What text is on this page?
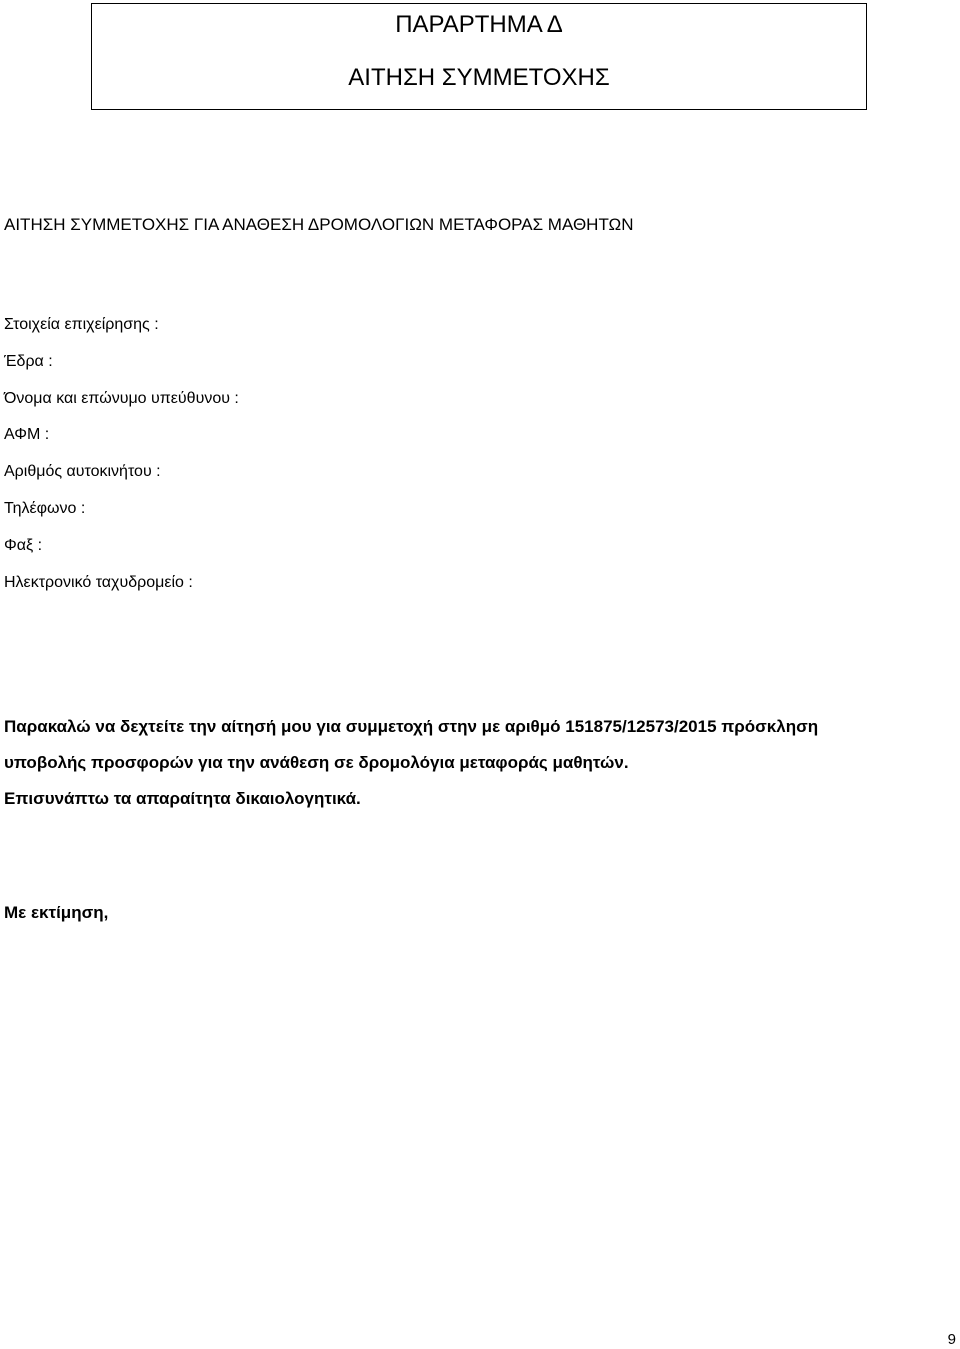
ΠΑΡΑΡΤΗΜΑ Δ
ΑΙΤΗΣΗ ΣΥΜΜΕΤΟΧΗΣ
ΑΙΤΗΣΗ ΣΥΜΜΕΤΟΧΗΣ ΓΙΑ ΑΝΑΘΕΣΗ ΔΡΟΜΟΛΟΓΙΩΝ ΜΕΤΑΦΟΡΑΣ ΜΑΘΗΤΩΝ
Στοιχεία επιχείρησης :
Έδρα :
Όνομα και επώνυμο υπεύθυνου :
ΑΦΜ :
Αριθμός αυτοκινήτου :
Τηλέφωνο :
Φαξ :
Ηλεκτρονικό ταχυδρομείο :
Παρακαλώ να δεχτείτε την αίτησή μου για συμμετοχή στην με αριθμό 151875/12573/2015 πρόσκληση
υποβολής προσφορών για την ανάθεση σε δρομολόγια μεταφοράς μαθητών.
Επισυνάπτω τα απαραίτητα δικαιολογητικά.
Με εκτίμηση,
9
